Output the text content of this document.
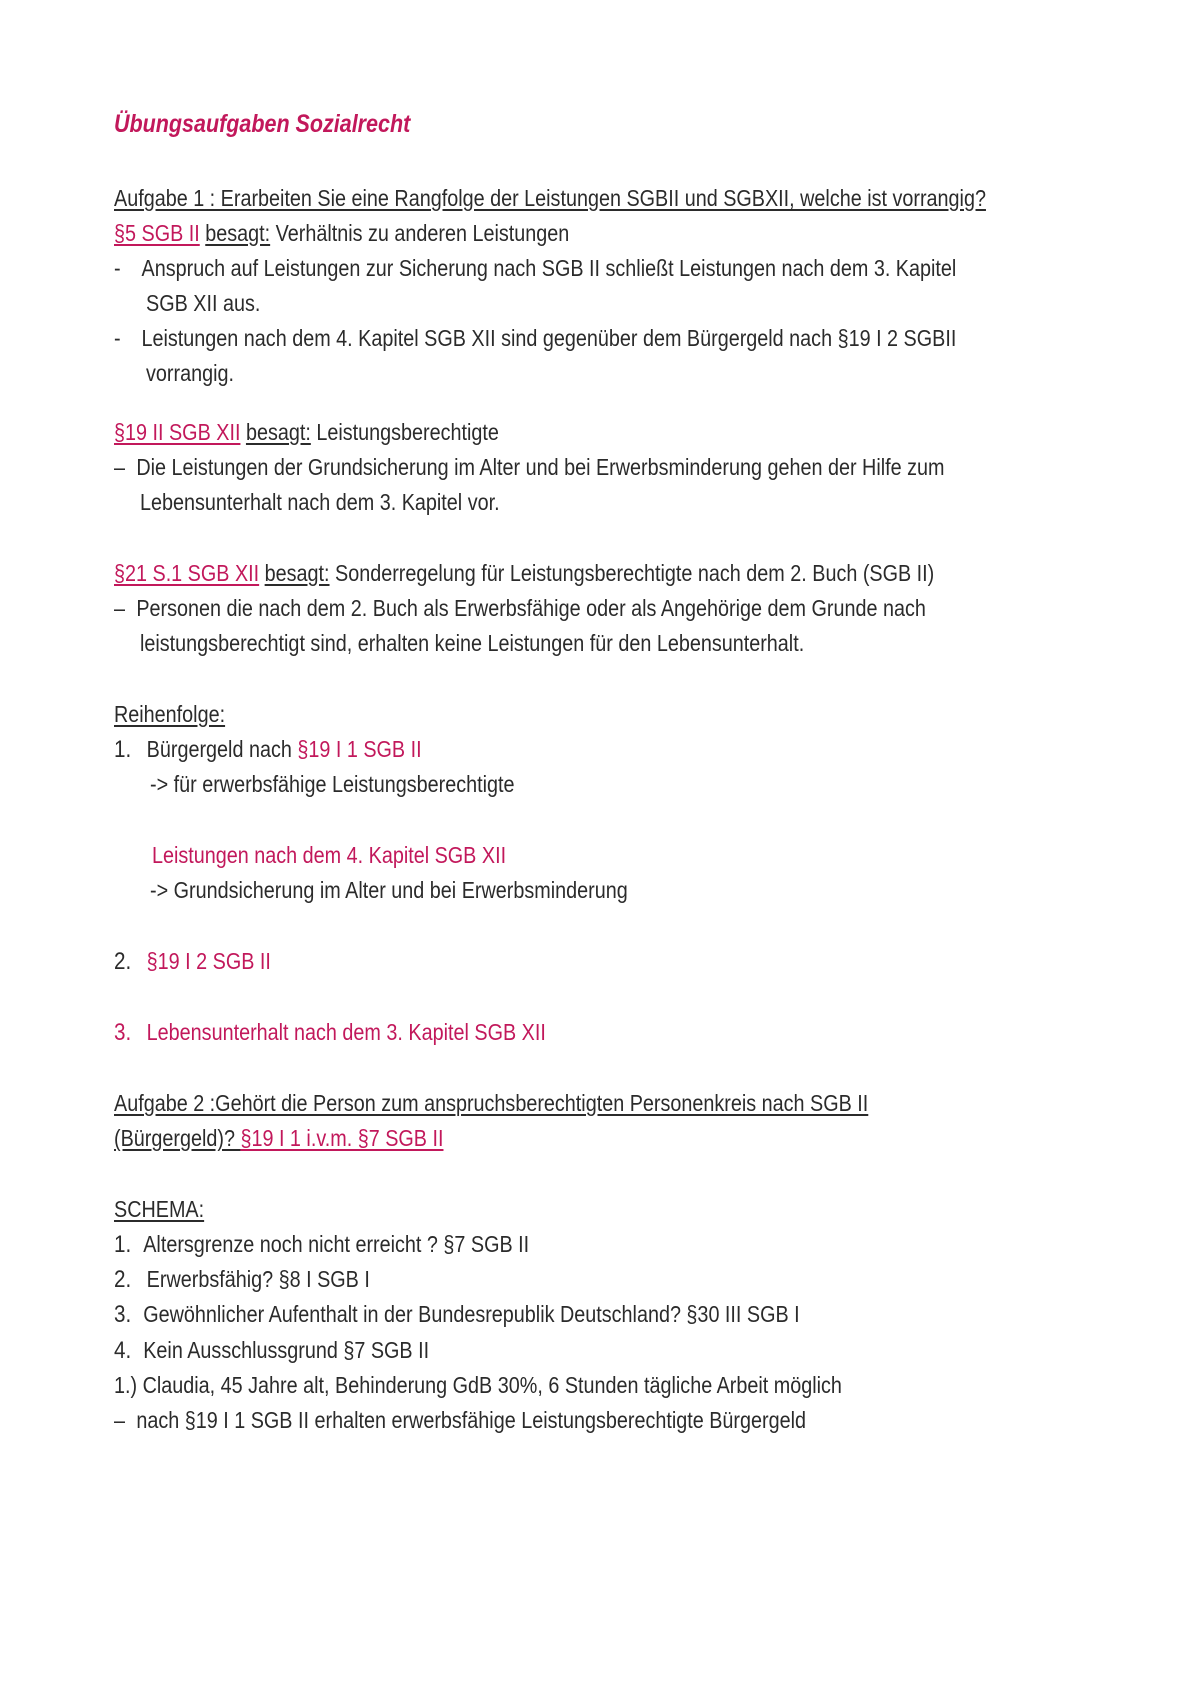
Übungsaufgaben Sozialrecht
Aufgabe 1 : Erarbeiten Sie eine Rangfolge der Leistungen SGBII und SGBXII, welche ist vorrangig?
§5 SGB II besagt: Verhältnis zu anderen Leistungen
- Anspruch auf Leistungen zur Sicherung nach SGB II schließt Leistungen nach dem 3. Kapitel
SGB XII aus.
- Leistungen nach dem 4. Kapitel SGB XII sind gegenüber dem Bürgergeld nach §19 I 2 SGBII
vorrangig.
§19 II SGB XII besagt: Leistungsberechtigte
– Die Leistungen der Grundsicherung im Alter und bei Erwerbsminderung gehen der Hilfe zum
Lebensunterhalt nach dem 3. Kapitel vor.
§21 S.1 SGB XII besagt: Sonderregelung für Leistungsberechtigte nach dem 2. Buch (SGB II)
– Personen die nach dem 2. Buch als Erwerbsfähige oder als Angehörige dem Grunde nach
leistungsberechtigt sind, erhalten keine Leistungen für den Lebensunterhalt.
Reihenfolge:
1. Bürgergeld nach §19 I 1 SGB II
-> für erwerbsfähige Leistungsberechtigte
Leistungen nach dem 4. Kapitel SGB XII
-> Grundsicherung im Alter und bei Erwerbsminderung
2. §19 I 2 SGB II
3. Lebensunterhalt nach dem 3. Kapitel SGB XII
Aufgabe 2 :Gehört die Person zum anspruchsberechtigten Personenkreis nach SGB II
(Bürgergeld)? §19 I 1 i.v.m. §7 SGB II
SCHEMA:
1. Altersgrenze noch nicht erreicht ? §7 SGB II
2. Erwerbsfähig? §8 I SGB I
3. Gewöhnlicher Aufenthalt in der Bundesrepublik Deutschland? §30 III SGB I
4. Kein Ausschlussgrund §7 SGB II
1.) Claudia, 45 Jahre alt, Behinderung GdB 30%, 6 Stunden tägliche Arbeit möglich
– nach §19 I 1 SGB II erhalten erwerbsfähige Leistungsberechtigte Bürgergeld
